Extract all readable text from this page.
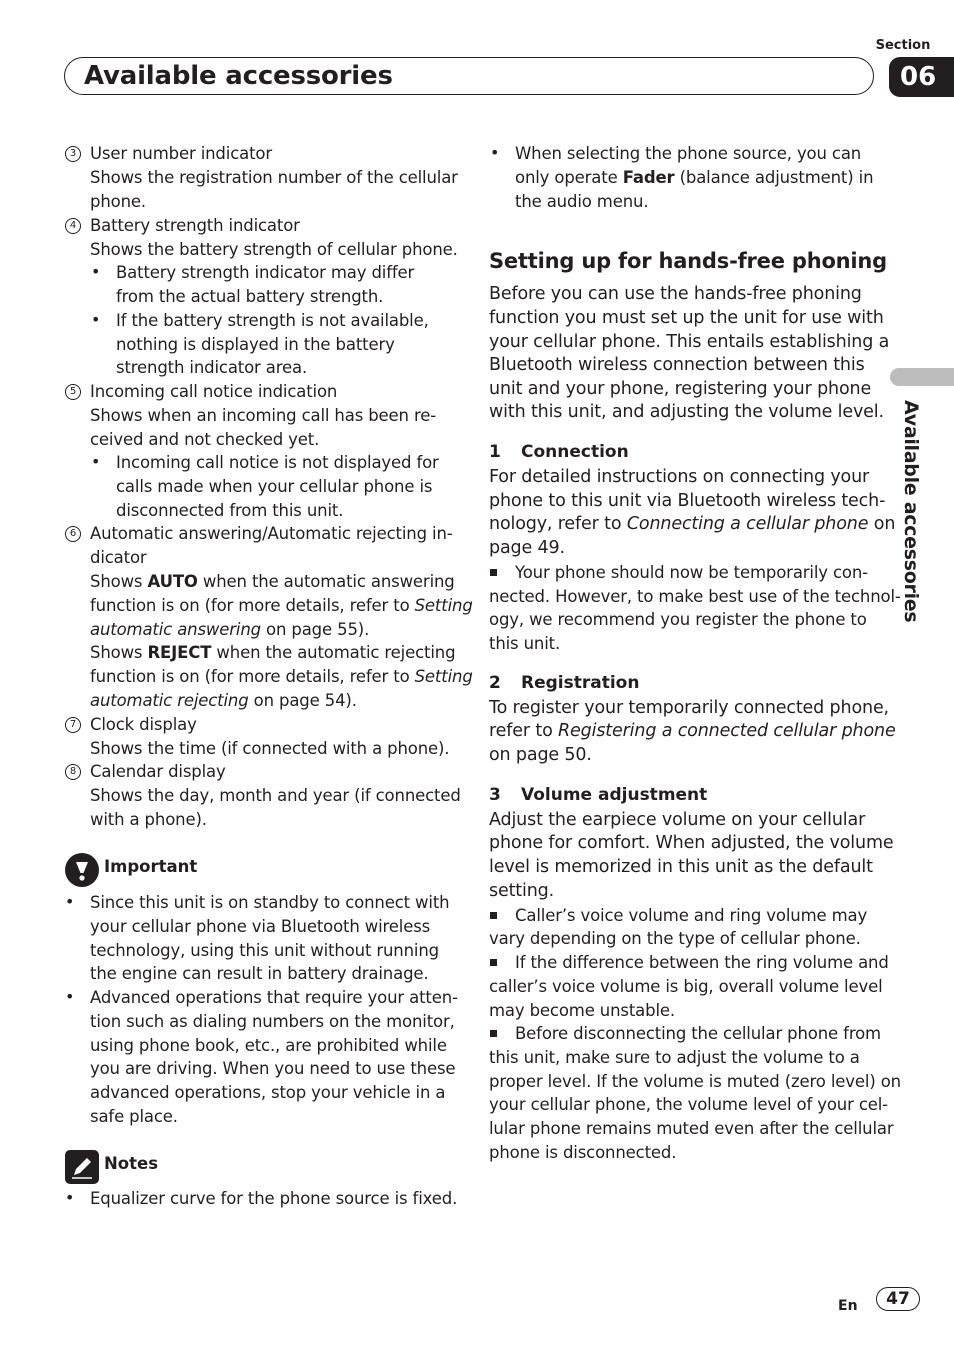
Available accessories
Section
06
Available accessories
3 User number indicator
Shows the registration number of the cellular
phone.
4 Battery strength indicator
Shows the battery strength of cellular phone.
• Battery strength indicator may differ
from the actual battery strength.
• If the battery strength is not available,
nothing is displayed in the battery
strength indicator area.
5 Incoming call notice indication
Shows when an incoming call has been re-
ceived and not checked yet.
• Incoming call notice is not displayed for
calls made when your cellular phone is
disconnected from this unit.
6 Automatic answering/Automatic rejecting in-
dicator
Shows AUTO when the automatic answering
function is on (for more details, refer to Setting
automatic answering on page 55).
Shows REJECT when the automatic rejecting
function is on (for more details, refer to Setting
automatic rejecting on page 54).
7 Clock display
Shows the time (if connected with a phone).
8 Calendar display
Shows the day, month and year (if connected
with a phone).
Important
• Since this unit is on standby to connect with
your cellular phone via Bluetooth wireless
technology, using this unit without running
the engine can result in battery drainage.
• Advanced operations that require your atten-
tion such as dialing numbers on the monitor,
using phone book, etc., are prohibited while
you are driving. When you need to use these
advanced operations, stop your vehicle in a
safe place.
Notes
• Equalizer curve for the phone source is fixed.
• When selecting the phone source, you can
only operate Fader (balance adjustment) in
the audio menu.
Setting up for hands-free phoning
Before you can use the hands-free phoning
function you must set up the unit for use with
your cellular phone. This entails establishing a
Bluetooth wireless connection between this
unit and your phone, registering your phone
with this unit, and adjusting the volume level.
1 Connection
For detailed instructions on connecting your
phone to this unit via Bluetooth wireless tech-
nology, refer to Connecting a cellular phone on
page 49.
Your phone should now be temporarily con-
nected. However, to make best use of the technol-
ogy, we recommend you register the phone to
this unit.
2 Registration
To register your temporarily connected phone,
refer to Registering a connected cellular phone
on page 50.
3 Volume adjustment
Adjust the earpiece volume on your cellular
phone for comfort. When adjusted, the volume
level is memorized in this unit as the default
setting.
Caller’s voice volume and ring volume may
vary depending on the type of cellular phone.
If the difference between the ring volume and
caller’s voice volume is big, overall volume level
may become unstable.
Before disconnecting the cellular phone from
this unit, make sure to adjust the volume to a
proper level. If the volume is muted (zero level) on
your cellular phone, the volume level of your cel-
lular phone remains muted even after the cellular
phone is disconnected.
En	47
